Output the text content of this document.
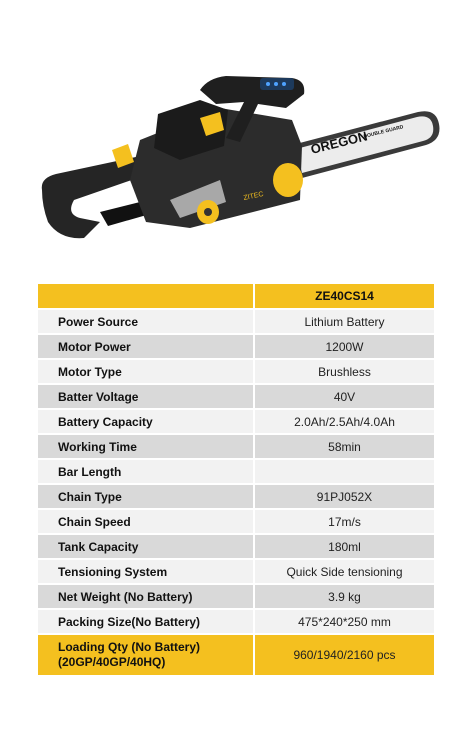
OREGON
DOUBLE GUARD
ZITEC
	ZE40CS14
Power Source	Lithium Battery
Motor Power	1200W
Motor Type	Brushless
Batter Voltage	40V
Battery Capacity	2.0Ah/2.5Ah/4.0Ah
Working Time	58min
Bar Length	
Chain Type	91PJ052X
Chain Speed	17m/s
Tank Capacity	180ml
Tensioning System	Quick Side tensioning
Net Weight (No Battery)	3.9 kg
Packing Size(No Battery)	475*240*250 mm

Loading Qty (No Battery)
(20GP/40GP/40HQ)	960/1940/2160 pcs
